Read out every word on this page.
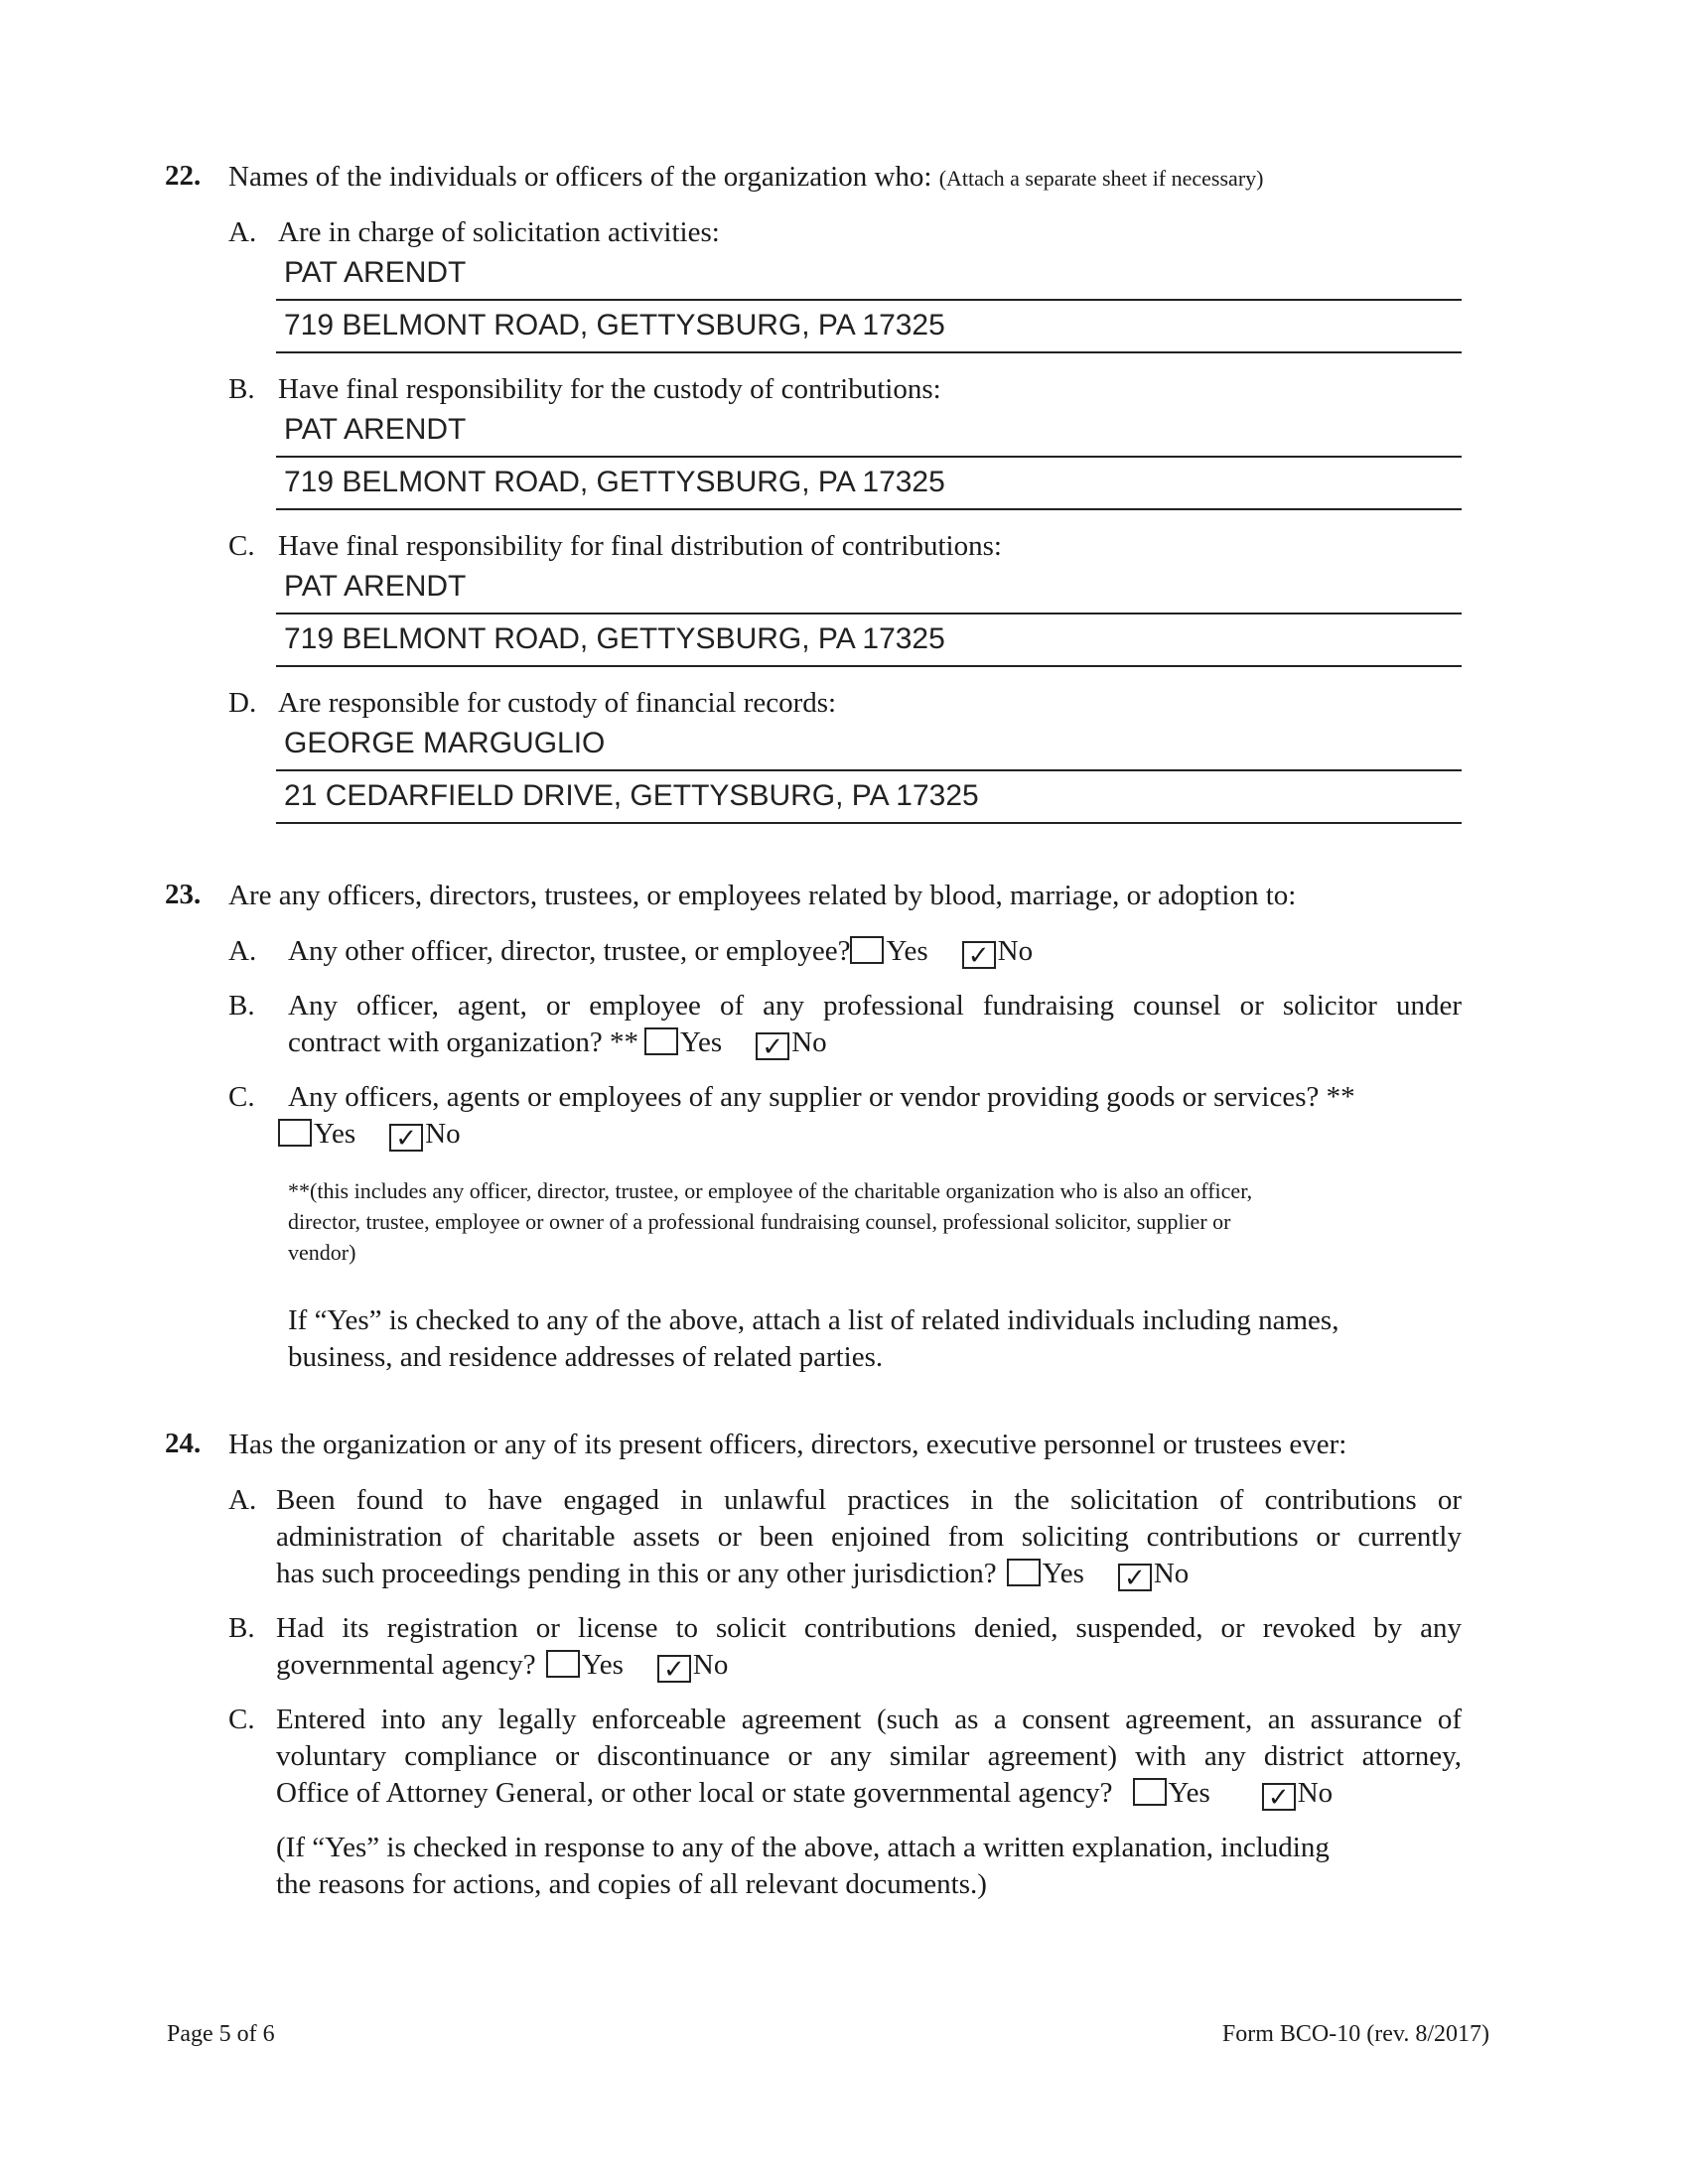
22. Names of the individuals or officers of the organization who: (Attach a separate sheet if necessary)
A. Are in charge of solicitation activities:
PAT ARENDT
719 BELMONT ROAD, GETTYSBURG, PA 17325
B. Have final responsibility for the custody of contributions:
PAT ARENDT
719 BELMONT ROAD, GETTYSBURG, PA 17325
C. Have final responsibility for final distribution of contributions:
PAT ARENDT
719 BELMONT ROAD, GETTYSBURG, PA 17325
D. Are responsible for custody of financial records:
GEORGE MARGUGLIO
21 CEDARFIELD DRIVE, GETTYSBURG, PA 17325
23. Are any officers, directors, trustees, or employees related by blood, marriage, or adoption to:
A. Any other officer, director, trustee, or employee? Yes ✓ No
B. Any officer, agent, or employee of any professional fundraising counsel or solicitor under
contract with organization? ** Yes ✓ No
C. Any officers, agents or employees of any supplier or vendor providing goods or services? **
Yes ✓ No
**(this includes any officer, director, trustee, or employee of the charitable organization who is also an officer,
director, trustee, employee or owner of a professional fundraising counsel, professional solicitor, supplier or
vendor)
If “Yes” is checked to any of the above, attach a list of related individuals including names,
business, and residence addresses of related parties.
24. Has the organization or any of its present officers, directors, executive personnel or trustees ever:
A. Been found to have engaged in unlawful practices in the solicitation of contributions or
administration of charitable assets or been enjoined from soliciting contributions or currently
has such proceedings pending in this or any other jurisdiction? Yes ✓ No
B. Had its registration or license to solicit contributions denied, suspended, or revoked by any
governmental agency? Yes ✓ No
C. Entered into any legally enforceable agreement (such as a consent agreement, an assurance of
voluntary compliance or discontinuance or any similar agreement) with any district attorney,
Office of Attorney General, or other local or state governmental agency? Yes ✓ No
(If “Yes” is checked in response to any of the above, attach a written explanation, including
the reasons for actions, and copies of all relevant documents.)
Page 5 of 6	Form BCO-10 (rev. 8/2017)
